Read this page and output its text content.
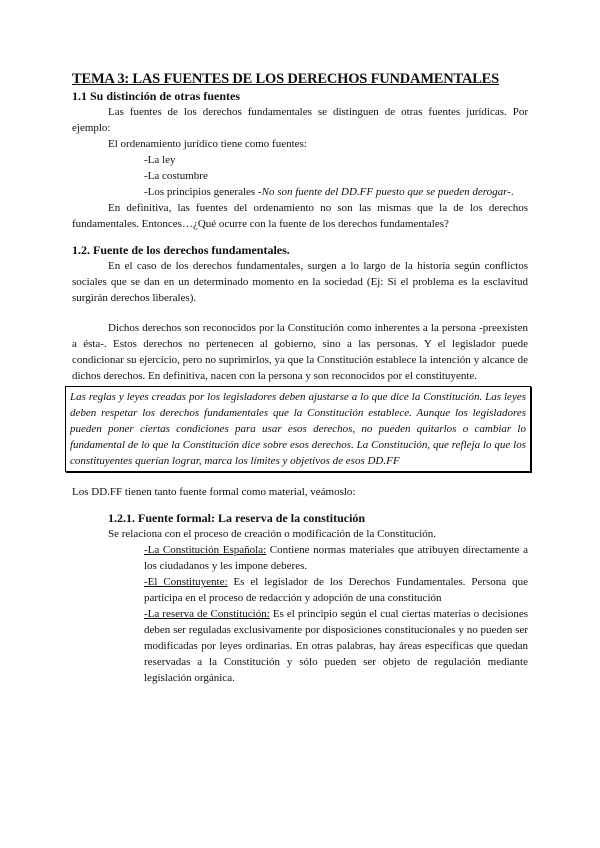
TEMA 3: LAS FUENTES DE LOS DERECHOS FUNDAMENTALES
1.1 Su distinción de otras fuentes

Las fuentes de los derechos fundamentales se distinguen de otras fuentes jurídicas. Por ejemplo:

El ordenamiento jurídico tiene como fuentes:

-La ley

-La costumbre

-Los principios generales -No son fuente del DD.FF puesto que se pueden derogar-.

En definitiva, las fuentes del ordenamiento no son las mismas que la de los derechos fundamentales. Entonces…¿Qué ocurre con la fuente de los derechos fundamentales?

1.2. Fuente de los derechos fundamentales.

En el caso de los derechos fundamentales, surgen a lo largo de la historia según conflictos sociales que se dan en un determinado momento en la sociedad (Ej: Si el problema es la esclavitud surgirán derechos liberales).

Dichos derechos son reconocidos por la Constitución como inherentes a la persona -preexisten a ésta-. Estos derechos no pertenecen al gobierno, sino a las personas. Y el legislador puede condicionar su ejercicio, pero no suprimirlos, ya que la Constitución establece la intención y alcance de dichos derechos. En definitiva, nacen con la persona y son reconocidos por el constituyente.

Las reglas y leyes creadas por los legisladores deben ajustarse a lo que dice la Constitución. Las leyes deben respetar los derechos fundamentales que la Constitución establece. Aunque los legisladores pueden poner ciertas condiciones para usar esos derechos, no pueden quitarlos o cambiar lo fundamental de lo que la Constitución dice sobre esos derechos. La Constitución, que refleja lo que los constituyentes querían lograr, marca los límites y objetivos de esos DD.FF

Los DD.FF tienen tanto fuente formal como material, veámoslo:

1.2.1. Fuente formal: La reserva de la constitución

Se relaciona con el proceso de creación o modificación de la Constitución.

-La Constitución Española: Contiene normas materiales que atribuyen directamente a los ciudadanos y les impone deberes.

-El Constituyente: Es el legislador de los Derechos Fundamentales. Persona que participa en el proceso de redacción y adopción de una constitución

-La reserva de Constitución: Es el principio según el cual ciertas materias o decisiones deben ser reguladas exclusivamente por disposiciones constitucionales y no pueden ser modificadas por leyes ordinarias. En otras palabras, hay áreas específicas que quedan reservadas a la Constitución y sólo pueden ser objeto de regulación mediante legislación orgánica.
